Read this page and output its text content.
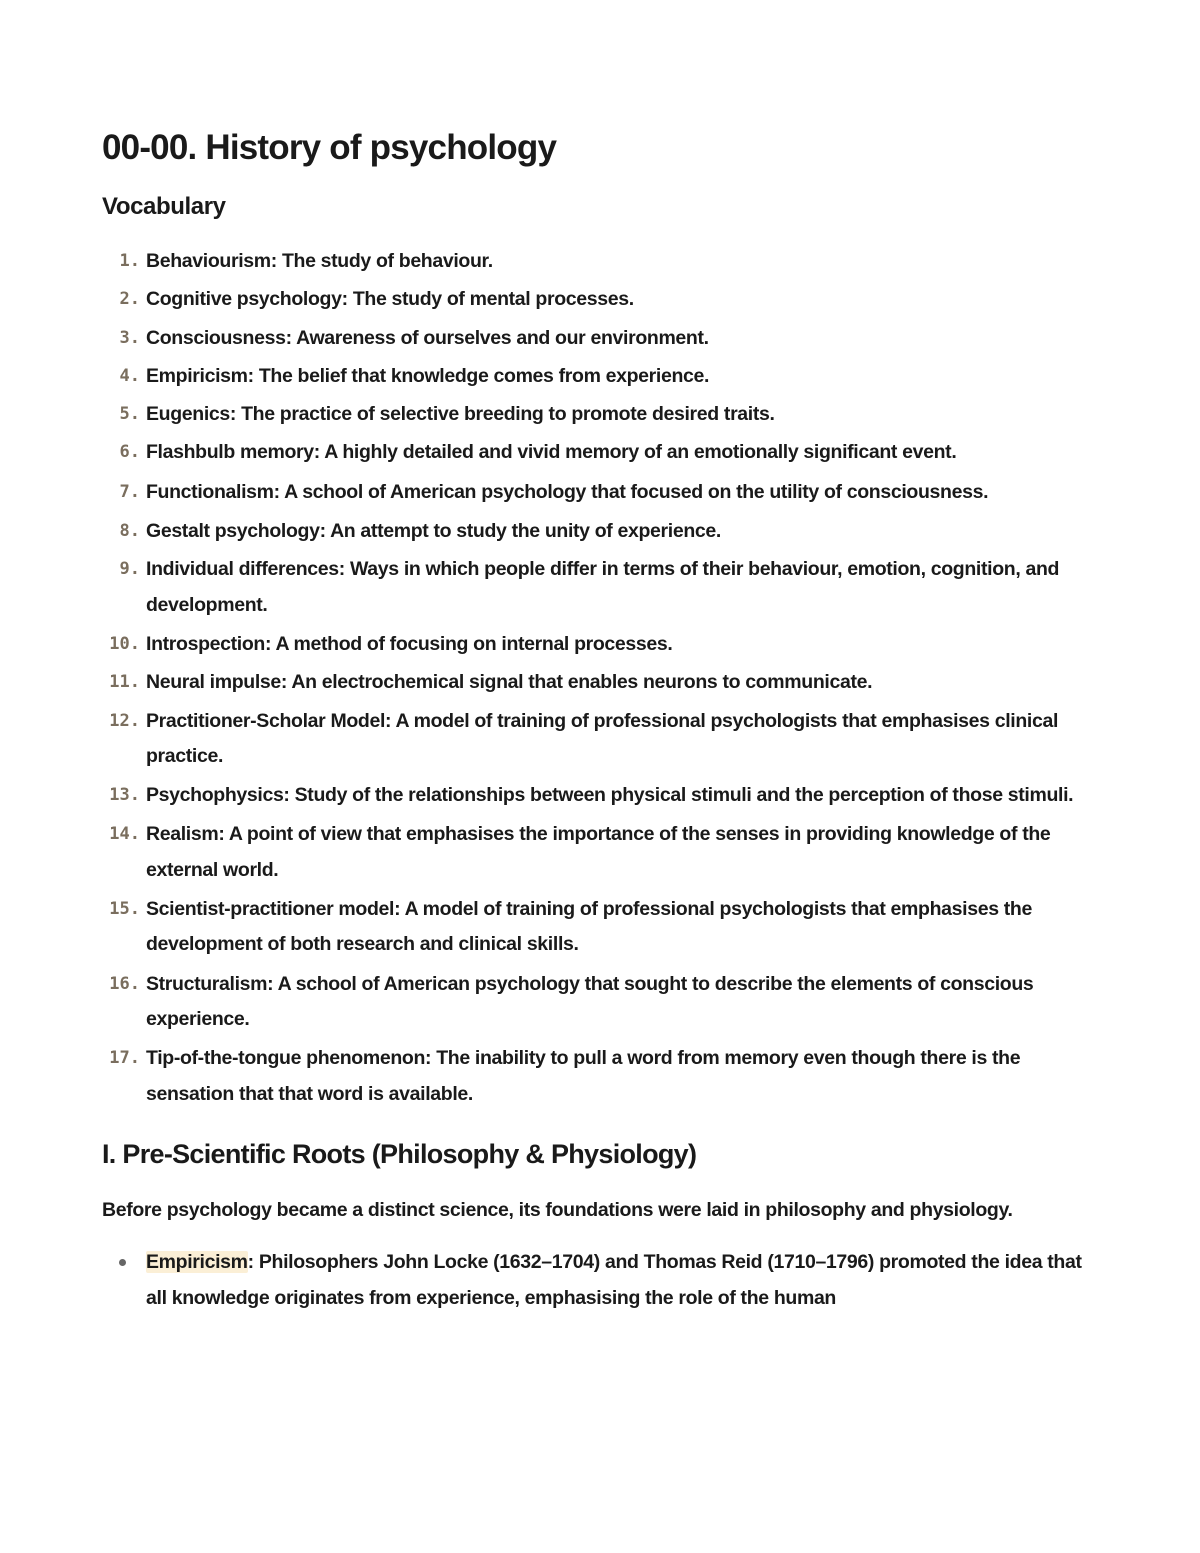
00-00. History of psychology
Vocabulary
1. Behaviourism: The study of behaviour.
2. Cognitive psychology: The study of mental processes.
3. Consciousness: Awareness of ourselves and our environment.
4. Empiricism: The belief that knowledge comes from experience.
5. Eugenics: The practice of selective breeding to promote desired traits.
6. Flashbulb memory: A highly detailed and vivid memory of an emotionally significant event.
7. Functionalism: A school of American psychology that focused on the utility of consciousness.
8. Gestalt psychology: An attempt to study the unity of experience.
9. Individual differences: Ways in which people differ in terms of their behaviour, emotion, cognition, and development.
10. Introspection: A method of focusing on internal processes.
11. Neural impulse: An electrochemical signal that enables neurons to communicate.
12. Practitioner-Scholar Model: A model of training of professional psychologists that emphasises clinical practice.
13. Psychophysics: Study of the relationships between physical stimuli and the perception of those stimuli.
14. Realism: A point of view that emphasises the importance of the senses in providing knowledge of the external world.
15. Scientist-practitioner model: A model of training of professional psychologists that emphasises the development of both research and clinical skills.
16. Structuralism: A school of American psychology that sought to describe the elements of conscious experience.
17. Tip-of-the-tongue phenomenon: The inability to pull a word from memory even though there is the sensation that that word is available.
I. Pre-Scientific Roots (Philosophy & Physiology)

Before psychology became a distinct science, its foundations were laid in philosophy and physiology.

Empiricism: Philosophers John Locke (1632–1704) and Thomas Reid (1710–1796) promoted the idea that all knowledge originates from experience, emphasising the role of the human
